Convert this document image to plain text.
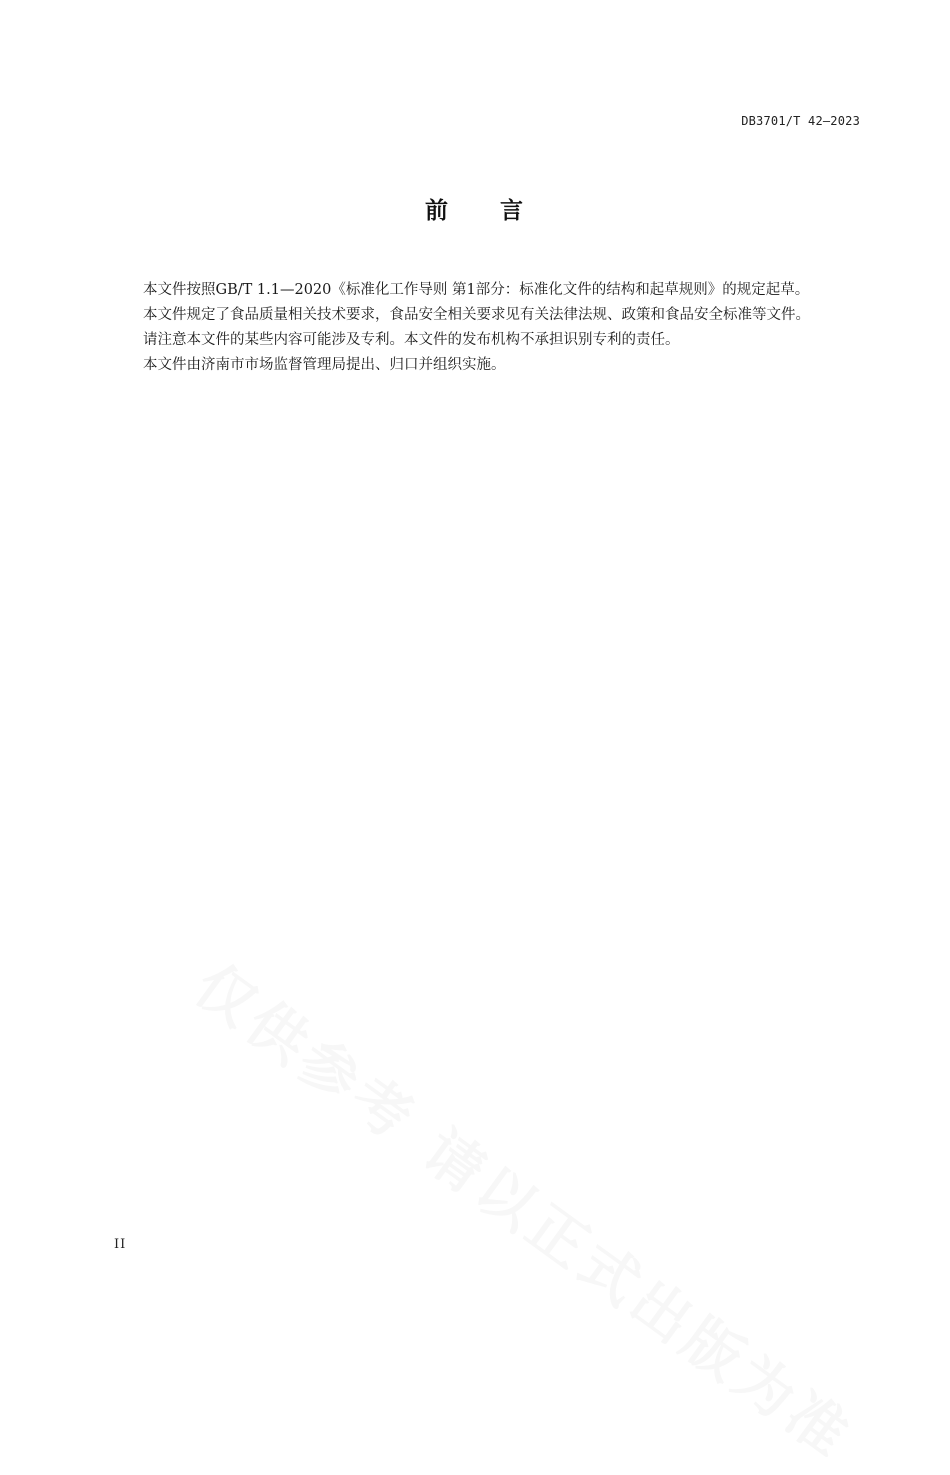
DB3701/T 42—2023
前　　言

本文件按照GB/T 1.1—2020《标准化工作导则 第1部分：标准化文件的结构和起草规则》的规定起草。

本文件规定了食品质量相关技术要求，食品安全相关要求见有关法律法规、政策和食品安全标准等文件。

请注意本文件的某些内容可能涉及专利。本文件的发布机构不承担识别专利的责任。

本文件由济南市市场监督管理局提出、归口并组织实施。

仅供参考 请以正式出版为准
II
